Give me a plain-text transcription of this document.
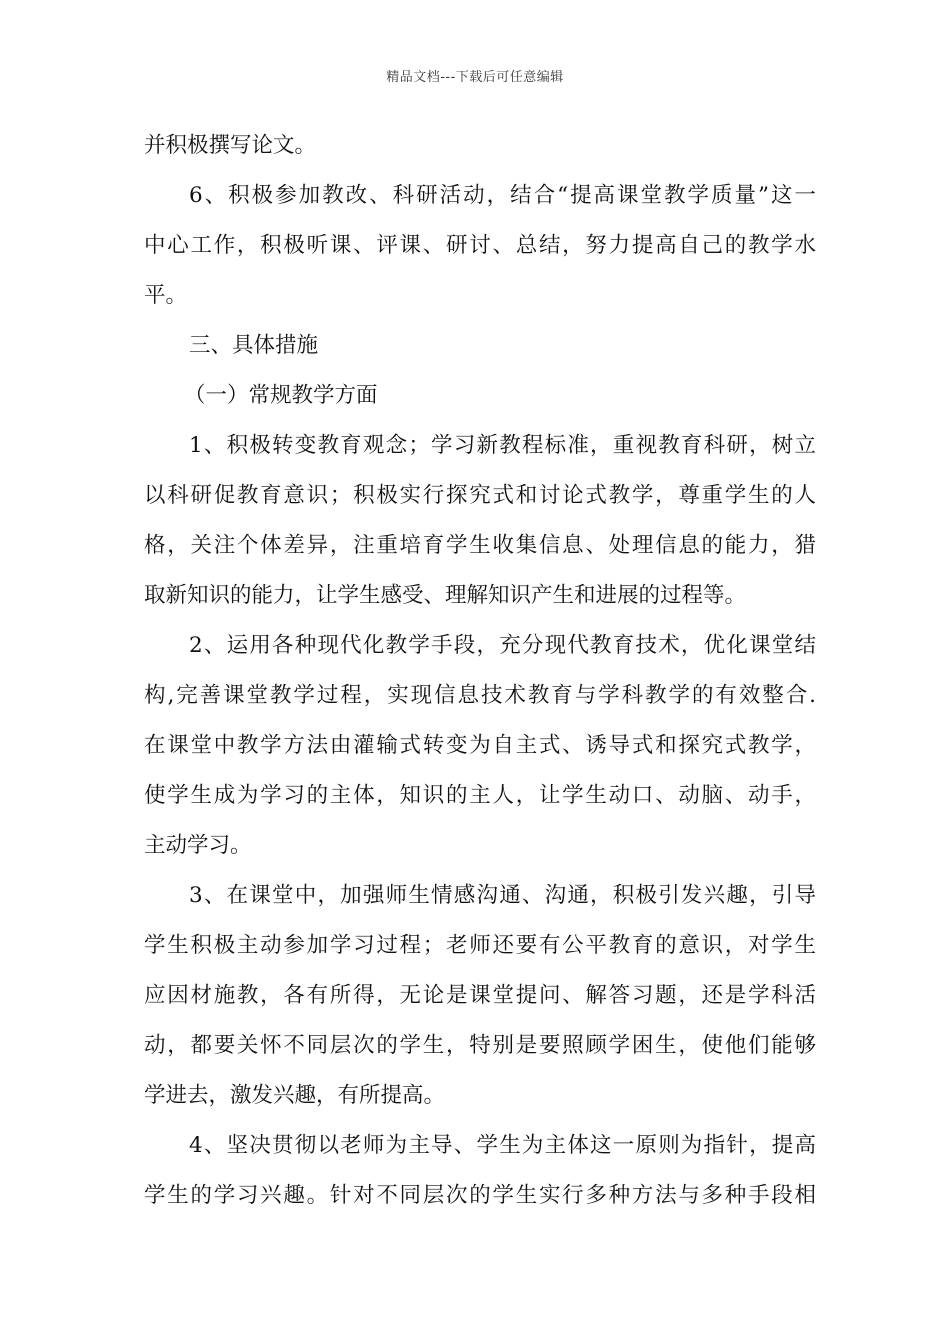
精品文档---下载后可任意编辑
并积极撰写论文。
6、积极参加教改、科研活动，结合“提高课堂教学质量”这一
中心工作，积极听课、评课、研讨、总结，努力提高自己的教学水
平。
三、具体措施
（一）常规教学方面
1、积极转变教育观念；学习新教程标准，重视教育科研，树立
以科研促教育意识；积极实行探究式和讨论式教学，尊重学生的人
格，关注个体差异，注重培育学生收集信息、处理信息的能力，猎
取新知识的能力，让学生感受、理解知识产生和进展的过程等。
2、运用各种现代化教学手段，充分现代教育技术，优化课堂结
构,完善课堂教学过程，实现信息技术教育与学科教学的有效整合.
在课堂中教学方法由灌输式转变为自主式、诱导式和探究式教学，
使学生成为学习的主体，知识的主人，让学生动口、动脑、动手，
主动学习。
3、在课堂中，加强师生情感沟通、沟通，积极引发兴趣，引导
学生积极主动参加学习过程；老师还要有公平教育的意识，对学生
应因材施教，各有所得，无论是课堂提问、解答习题，还是学科活
动，都要关怀不同层次的学生，特别是要照顾学困生，使他们能够
学进去，激发兴趣，有所提高。
4、坚决贯彻以老师为主导、学生为主体这一原则为指针，提高
学生的学习兴趣。针对不同层次的学生实行多种方法与多种手段相
